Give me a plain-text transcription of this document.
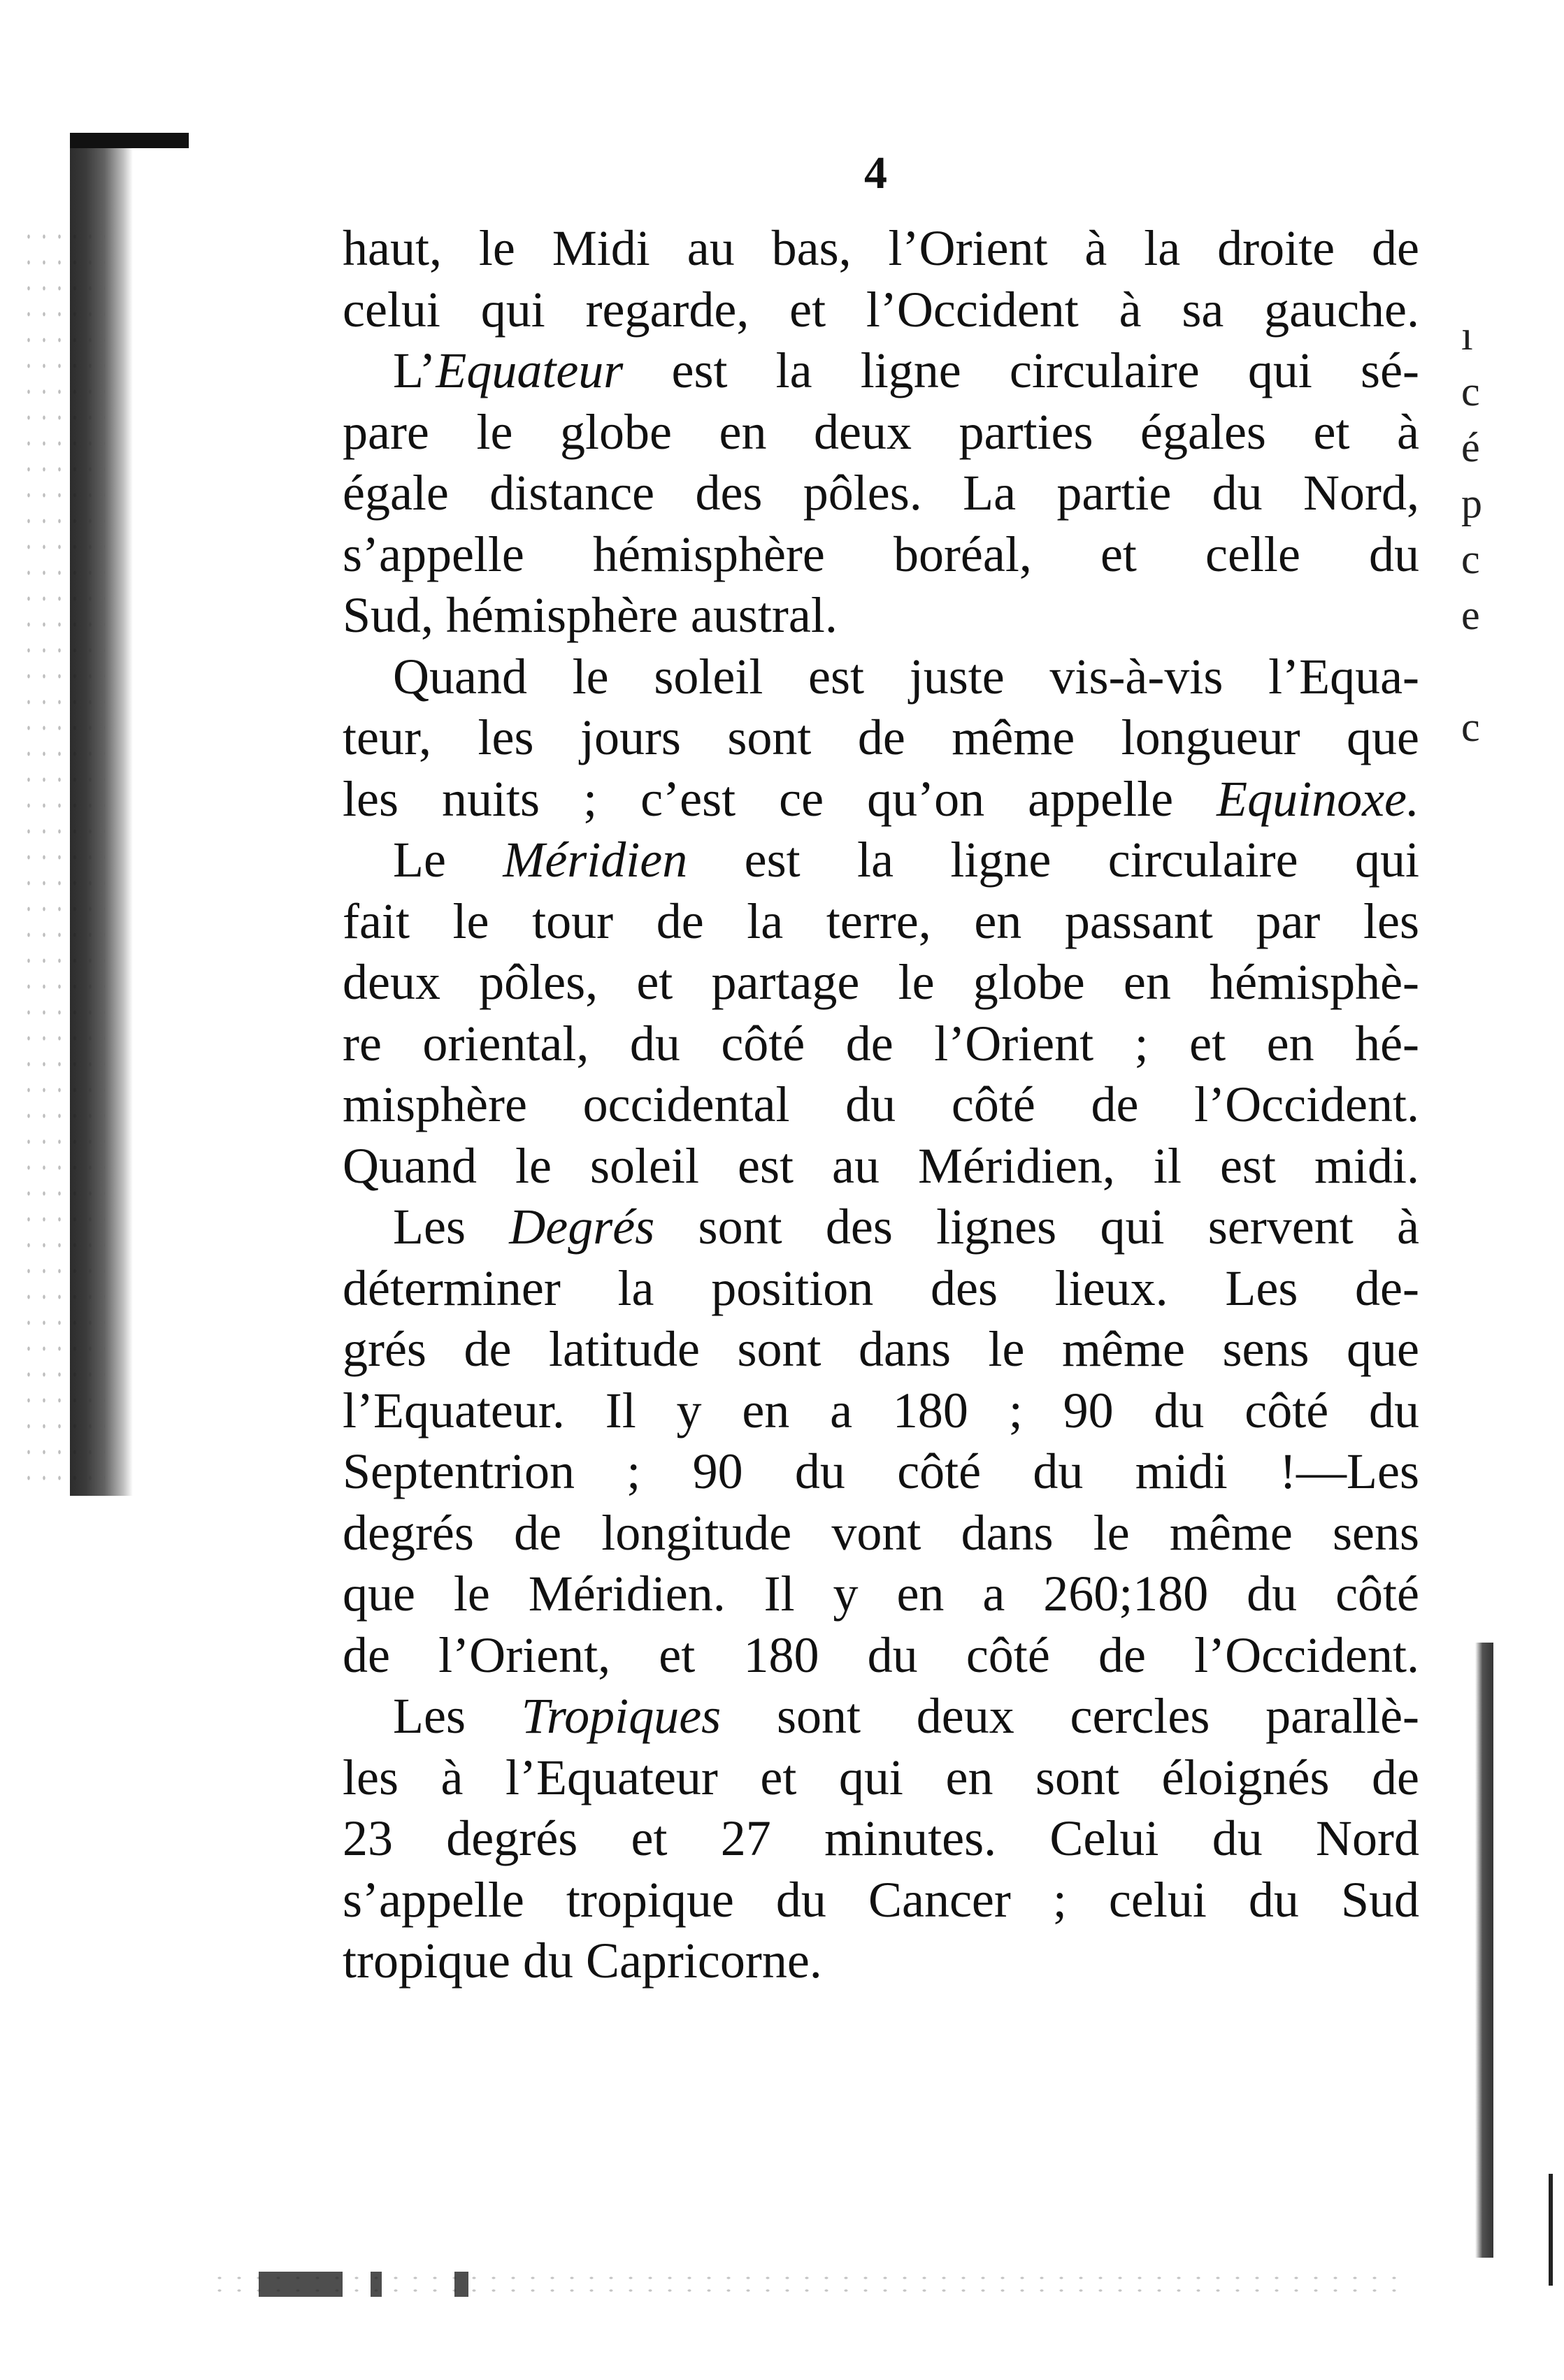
4
haut, le Midi au bas, l’Orient à la droite de
celui qui regarde, et l’Occident à sa gauche.
L’Equateur est la ligne circulaire qui sé-
pare le globe en deux parties égales et à
égale distance des pôles. La partie du Nord,
s’appelle hémisphère boréal, et celle du
Sud, hémisphère austral.
Quand le soleil est juste vis-à-vis l’Equa-
teur, les jours sont de même longueur que
les nuits ; c’est ce qu’on appelle Equinoxe.
Le Méridien est la ligne circulaire qui
fait le tour de la terre, en passant par les
deux pôles, et partage le globe en hémisphè-
re oriental, du côté de l’Orient ; et en hé-
misphère occidental du côté de l’Occident.
Quand le soleil est au Méridien, il est midi.
Les Degrés sont des lignes qui servent à
déterminer la position des lieux. Les de-
grés de latitude sont dans le même sens que
l’Equateur. Il y en a 180 ; 90 du côté du
Septentrion ; 90 du côté du midi !—Les
degrés de longitude vont dans le même sens
que le Méridien. Il y en a 260;180 du côté
de l’Orient, et 180 du côté de l’Occident.
Les Tropiques sont deux cercles parallè-
les à l’Equateur et qui en sont éloignés de
23 degrés et 27 minutes. Celui du Nord
s’appelle tropique du Cancer ; celui du Sud
tropique du Capricorne.
ı
c
é
p
c
e
c
